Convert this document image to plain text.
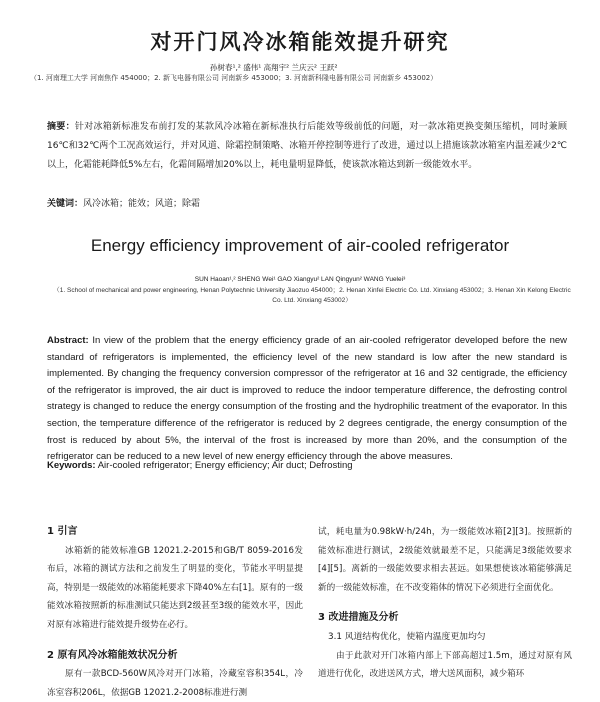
对开门风冷冰箱能效提升研究
孙树春¹,² 盛伟¹ 高翔宇² 兰庆云² 王跃²
（1. 河南理工大学 河南焦作 454000；2. 新飞电器有限公司 河南新乡 453000；3. 河南新科隆电器有限公司 河南新乡 453002）
摘要：针对冰箱新标准发布前打发的某款风冷冰箱在新标准执行后能效等级前低的问题，对一款冰箱更换变频压缩机，同时兼顾16℃和32℃两个工况高效运行，并对风道、除霜控制策略、冰箱开停控制等进行了改进，通过以上措施该款冰箱室内温差减少2℃以上，化霜能耗降低5%左右，化霜间隔增加20%以上，耗电量明显降低，使该款冰箱达到新一级能效水平。
关键词：风冷冰箱；能效；风道；除霜
Energy efficiency improvement of air-cooled refrigerator
SUN Haoan¹,² SHENG Wei¹ GAO Xiangyu² LAN Qingyun² WANG Yuelei³
（1. School of mechanical and power engineering, Henan Polytechnic University Jiaozuo 454000；2. Henan Xinfei Electric Co. Ltd. Xinxiang 453002；3. Henan Xin Kelong Electric Co. Ltd. Xinxiang 453002）
Abstract: In view of the problem that the energy efficiency grade of an air-cooled refrigerator developed before the new standard of refrigerators is implemented, the efficiency level of the new standard is low after the new standard is implemented. By changing the frequency conversion compressor of the refrigerator at 16 and 32 centigrade, the efficiency of the refrigerator is improved, the air duct is improved to reduce the indoor temperature difference, the defrosting control strategy is changed to reduce the energy consumption of the frosting and the hydrophilic treatment of the evaporator. In this section, the temperature difference of the refrigerator is reduced by 2 degrees centigrade, the energy consumption of the frost is reduced by about 5%, the interval of the frost is increased by more than 20%, and the consumption of the refrigerator can be reduced to a new level of new energy efficiency through the above measures.
Keywords: Air-cooled refrigerator; Energy efficiency; Air duct; Defrosting

1 引言

冰箱新的能效标准GB 12021.2-2015和GB/T 8059-2016发布后，冰箱的测试方法和之前发生了明显的变化，节能水平明显提高，特别是一级能效的冰箱能耗要求下降40%左右[1]。原有的一级能效冰箱按照新的标准测试只能达到2级甚至3级的能效水平，因此对原有冰箱进行能效提升级势在必行。

2 原有风冷冰箱能效状况分析

原有一款BCD-560W风冷对开门冰箱，冷藏室容积354L，冷冻室容积206L，依据GB 12021.2-2008标准进行测

试，耗电量为0.98kW·h/24h，为一级能效冰箱[2][3]。按照新的能效标准进行测试，2级能效就最差不足，只能满足3级能效要求[4][5]。离新的一级能效要求相去甚远。如果想使该冰箱能够满足新的一级能效标准，在不改变箱体的情况下必须进行全面优化。

3 改进措施及分析

3.1 风道结构优化，使箱内温度更加均匀

由于此款对开门冰箱内部上下部高超过1.5m，通过对原有风道进行优化，改进送风方式，增大送风面积，减少箱环
